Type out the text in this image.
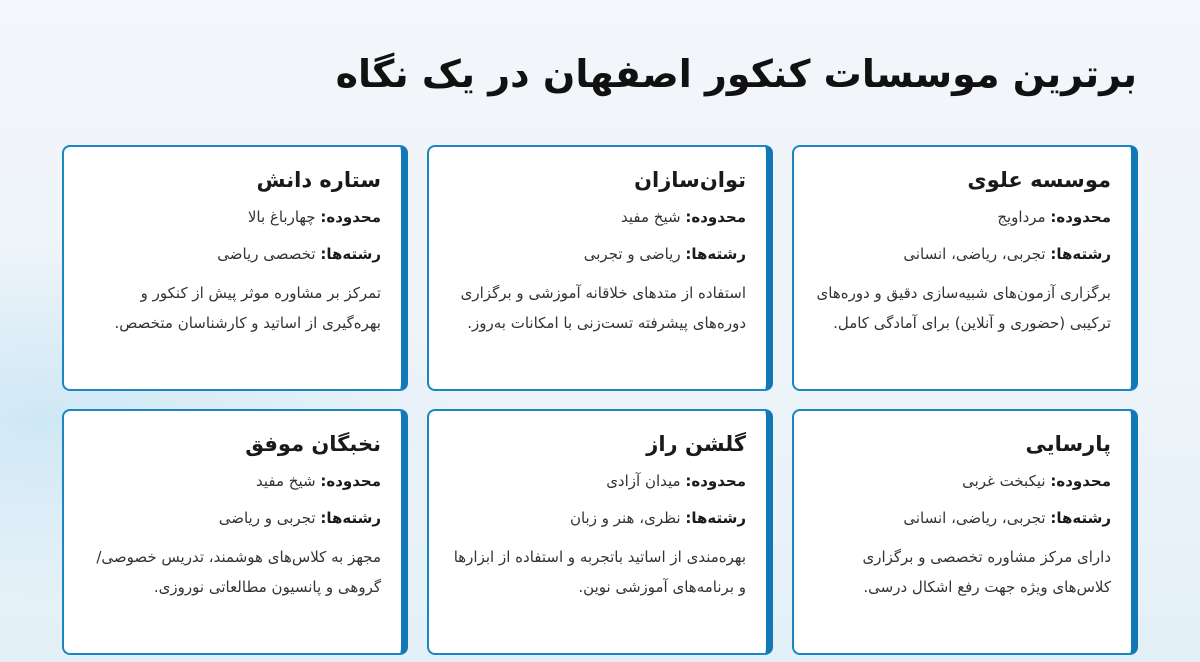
برترین موسسات کنکور اصفهان در یک نگاه
موسسه علوی

محدوده: مرداویج

رشته‌ها: تجربی، ریاضی، انسانی

برگزاری آزمون‌های شبیه‌سازی دقیق و دوره‌های ترکیبی (حضوری و آنلاین) برای آمادگی کامل.

توان‌سازان

محدوده: شیخ مفید

رشته‌ها: ریاضی و تجربی

استفاده از متدهای خلاقانه آموزشی و برگزاری دوره‌های پیشرفته تست‌زنی با امکانات به‌روز.

ستاره دانش

محدوده: چهارباغ بالا

رشته‌ها: تخصصی ریاضی

تمرکز بر مشاوره موثر پیش از کنکور و بهره‌گیری از اساتید و کارشناسان متخصص.

پارسایی

محدوده: نیکبخت غربی

رشته‌ها: تجربی، ریاضی، انسانی

دارای مرکز مشاوره تخصصی و برگزاری کلاس‌های ویژه جهت رفع اشکال درسی.

گلشن راز

محدوده: میدان آزادی

رشته‌ها: نظری، هنر و زبان

بهره‌مندی از اساتید باتجربه و استفاده از ابزارها و برنامه‌های آموزشی نوین.

نخبگان موفق

محدوده: شیخ مفید

رشته‌ها: تجربی و ریاضی

مجهز به کلاس‌های هوشمند، تدریس خصوصی/گروهی و پانسیون مطالعاتی نوروزی.
